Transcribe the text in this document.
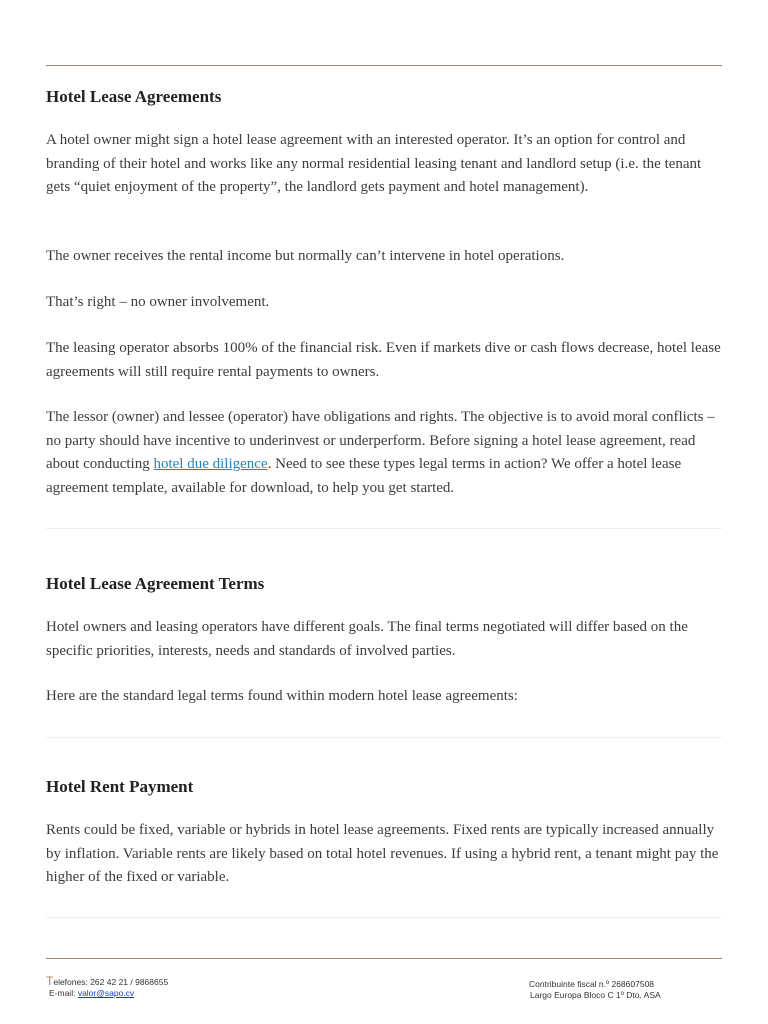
Hotel Lease Agreements

A hotel owner might sign a hotel lease agreement with an interested operator. It’s an option for control and branding of their hotel and works like any normal residential leasing tenant and landlord setup (i.e. the tenant gets “quiet enjoyment of the property”, the landlord gets payment and hotel management).

The owner receives the rental income but normally can’t intervene in hotel operations.

That’s right – no owner involvement.

The leasing operator absorbs 100% of the financial risk. Even if markets dive or cash flows decrease, hotel lease agreements will still require rental payments to owners.

The lessor (owner) and lessee (operator) have obligations and rights. The objective is to avoid moral conflicts – no party should have incentive to underinvest or underperform. Before signing a hotel lease agreement, read about conducting hotel due diligence. Need to see these types legal terms in action? We offer a hotel lease agreement template, available for download, to help you get started.

Hotel Lease Agreement Terms

Hotel owners and leasing operators have different goals. The final terms negotiated will differ based on the specific priorities, interests, needs and standards of involved parties.

Here are the standard legal terms found within modern hotel lease agreements:

Hotel Rent Payment

Rents could be fixed, variable or hybrids in hotel lease agreements. Fixed rents are typically increased annually by inflation. Variable rents are likely based on total hotel revenues. If using a hybrid rent, a tenant might pay the higher of the fixed or variable.

Telefones: 262 42 21 / 9868655
E-mail: valor@sapo.cv
Contribuinte fiscal n.º 268607508
Largo Europa Bloco C 1º Dto. ASA
